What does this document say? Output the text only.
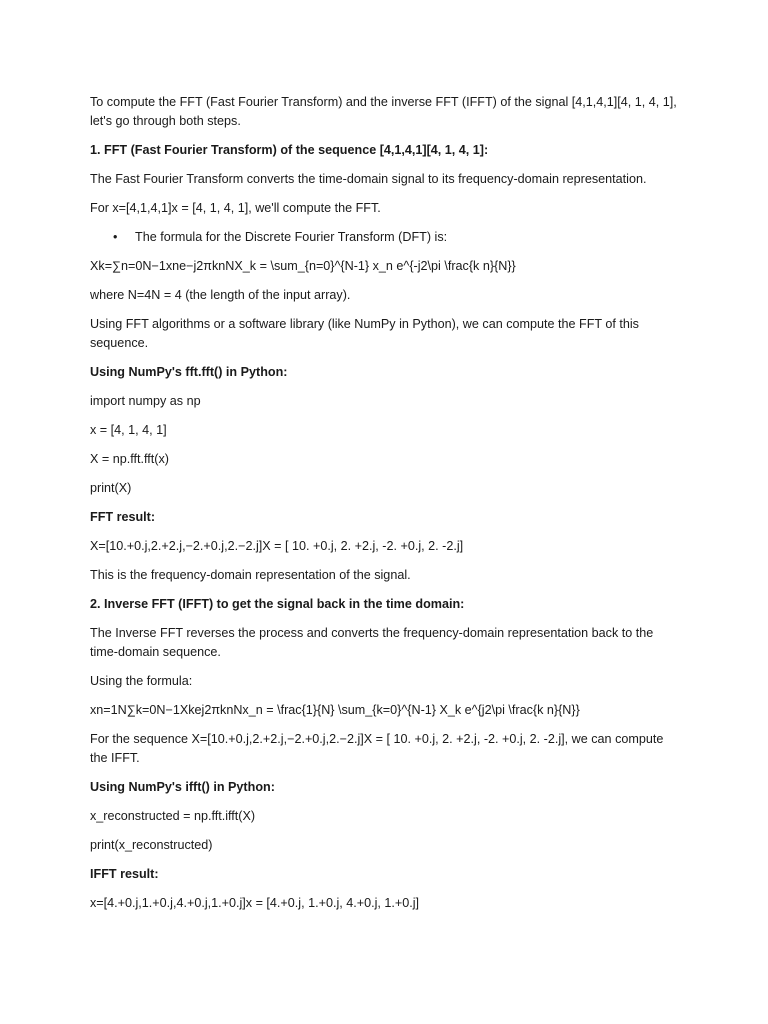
To compute the FFT (Fast Fourier Transform) and the inverse FFT (IFFT) of the signal [4,1,4,1][4, 1, 4, 1], let's go through both steps.

1. FFT (Fast Fourier Transform) of the sequence [4,1,4,1][4, 1, 4, 1]:

The Fast Fourier Transform converts the time-domain signal to its frequency-domain representation.

For x=[4,1,4,1]x = [4, 1, 4, 1], we'll compute the FFT.

•	The formula for the Discrete Fourier Transform (DFT) is:

Xk=∑n=0N−1xne−j2πknNX_k = \sum_{n=0}^{N-1} x_n e^{-j2\pi \frac{k n}{N}}

where N=4N = 4 (the length of the input array).

Using FFT algorithms or a software library (like NumPy in Python), we can compute the FFT of this sequence.

Using NumPy's fft.fft() in Python:

import numpy as np

x = [4, 1, 4, 1]

X = np.fft.fft(x)

print(X)

FFT result:

X=[10.+0.j,2.+2.j,−2.+0.j,2.−2.j]X = [ 10. +0.j, 2. +2.j, -2. +0.j, 2. -2.j]

This is the frequency-domain representation of the signal.

2. Inverse FFT (IFFT) to get the signal back in the time domain:

The Inverse FFT reverses the process and converts the frequency-domain representation back to the time-domain sequence.

Using the formula:

xn=1N∑k=0N−1Xkej2πknNx_n = \frac{1}{N} \sum_{k=0}^{N-1} X_k e^{j2\pi \frac{k n}{N}}

For the sequence X=[10.+0.j,2.+2.j,−2.+0.j,2.−2.j]X = [ 10. +0.j, 2. +2.j, -2. +0.j, 2. -2.j], we can compute the IFFT.

Using NumPy's ifft() in Python:

x_reconstructed = np.fft.ifft(X)

print(x_reconstructed)

IFFT result:

x=[4.+0.j,1.+0.j,4.+0.j,1.+0.j]x = [4.+0.j, 1.+0.j, 4.+0.j, 1.+0.j]
